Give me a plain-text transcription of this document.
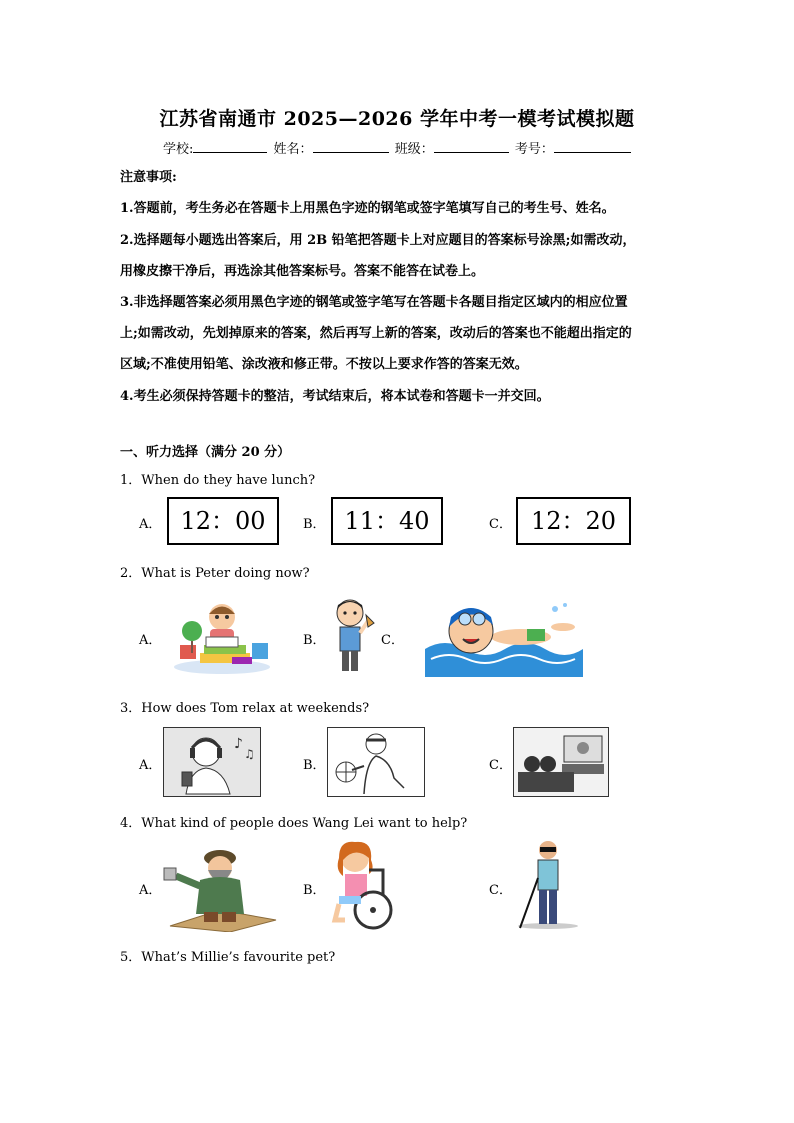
江苏省南通市 2025—2026 学年中考一模考试模拟题
学校:	姓名：	班级：	考号：
注意事项:
1.答题前，考生务必在答题卡上用黑色字迹的钢笔或签字笔填写自己的考生号、姓名。
2.选择题每小题选出答案后，用 2B 铅笔把答题卡上对应题目的答案标号涂黑;如需改动，
用橡皮擦干净后，再选涂其他答案标号。答案不能答在试卷上。
3.非选择题答案必须用黑色字迹的钢笔或签字笔写在答题卡各题目指定区域内的相应位置
上;如需改动，先划掉原来的答案，然后再写上新的答案，改动后的答案也不能超出指定的
区域;不准使用铅笔、涂改液和修正带。不按以上要求作答的答案无效。
4.考生必须保持答题卡的整洁，考试结束后，将本试卷和答题卡一并交回。
一、听力选择（满分 20 分）
1．When do they have lunch?
A． 12：00	B． 11：40	C． 12：20
2．What is Peter doing now?
A．	B．	C．
3．How does Tom relax at weekends?
A．
♪
♫
B．	C．
4．What kind of people does Wang Lei want to help?
A．	B．	C．
5．What’s Millie’s favourite pet?
